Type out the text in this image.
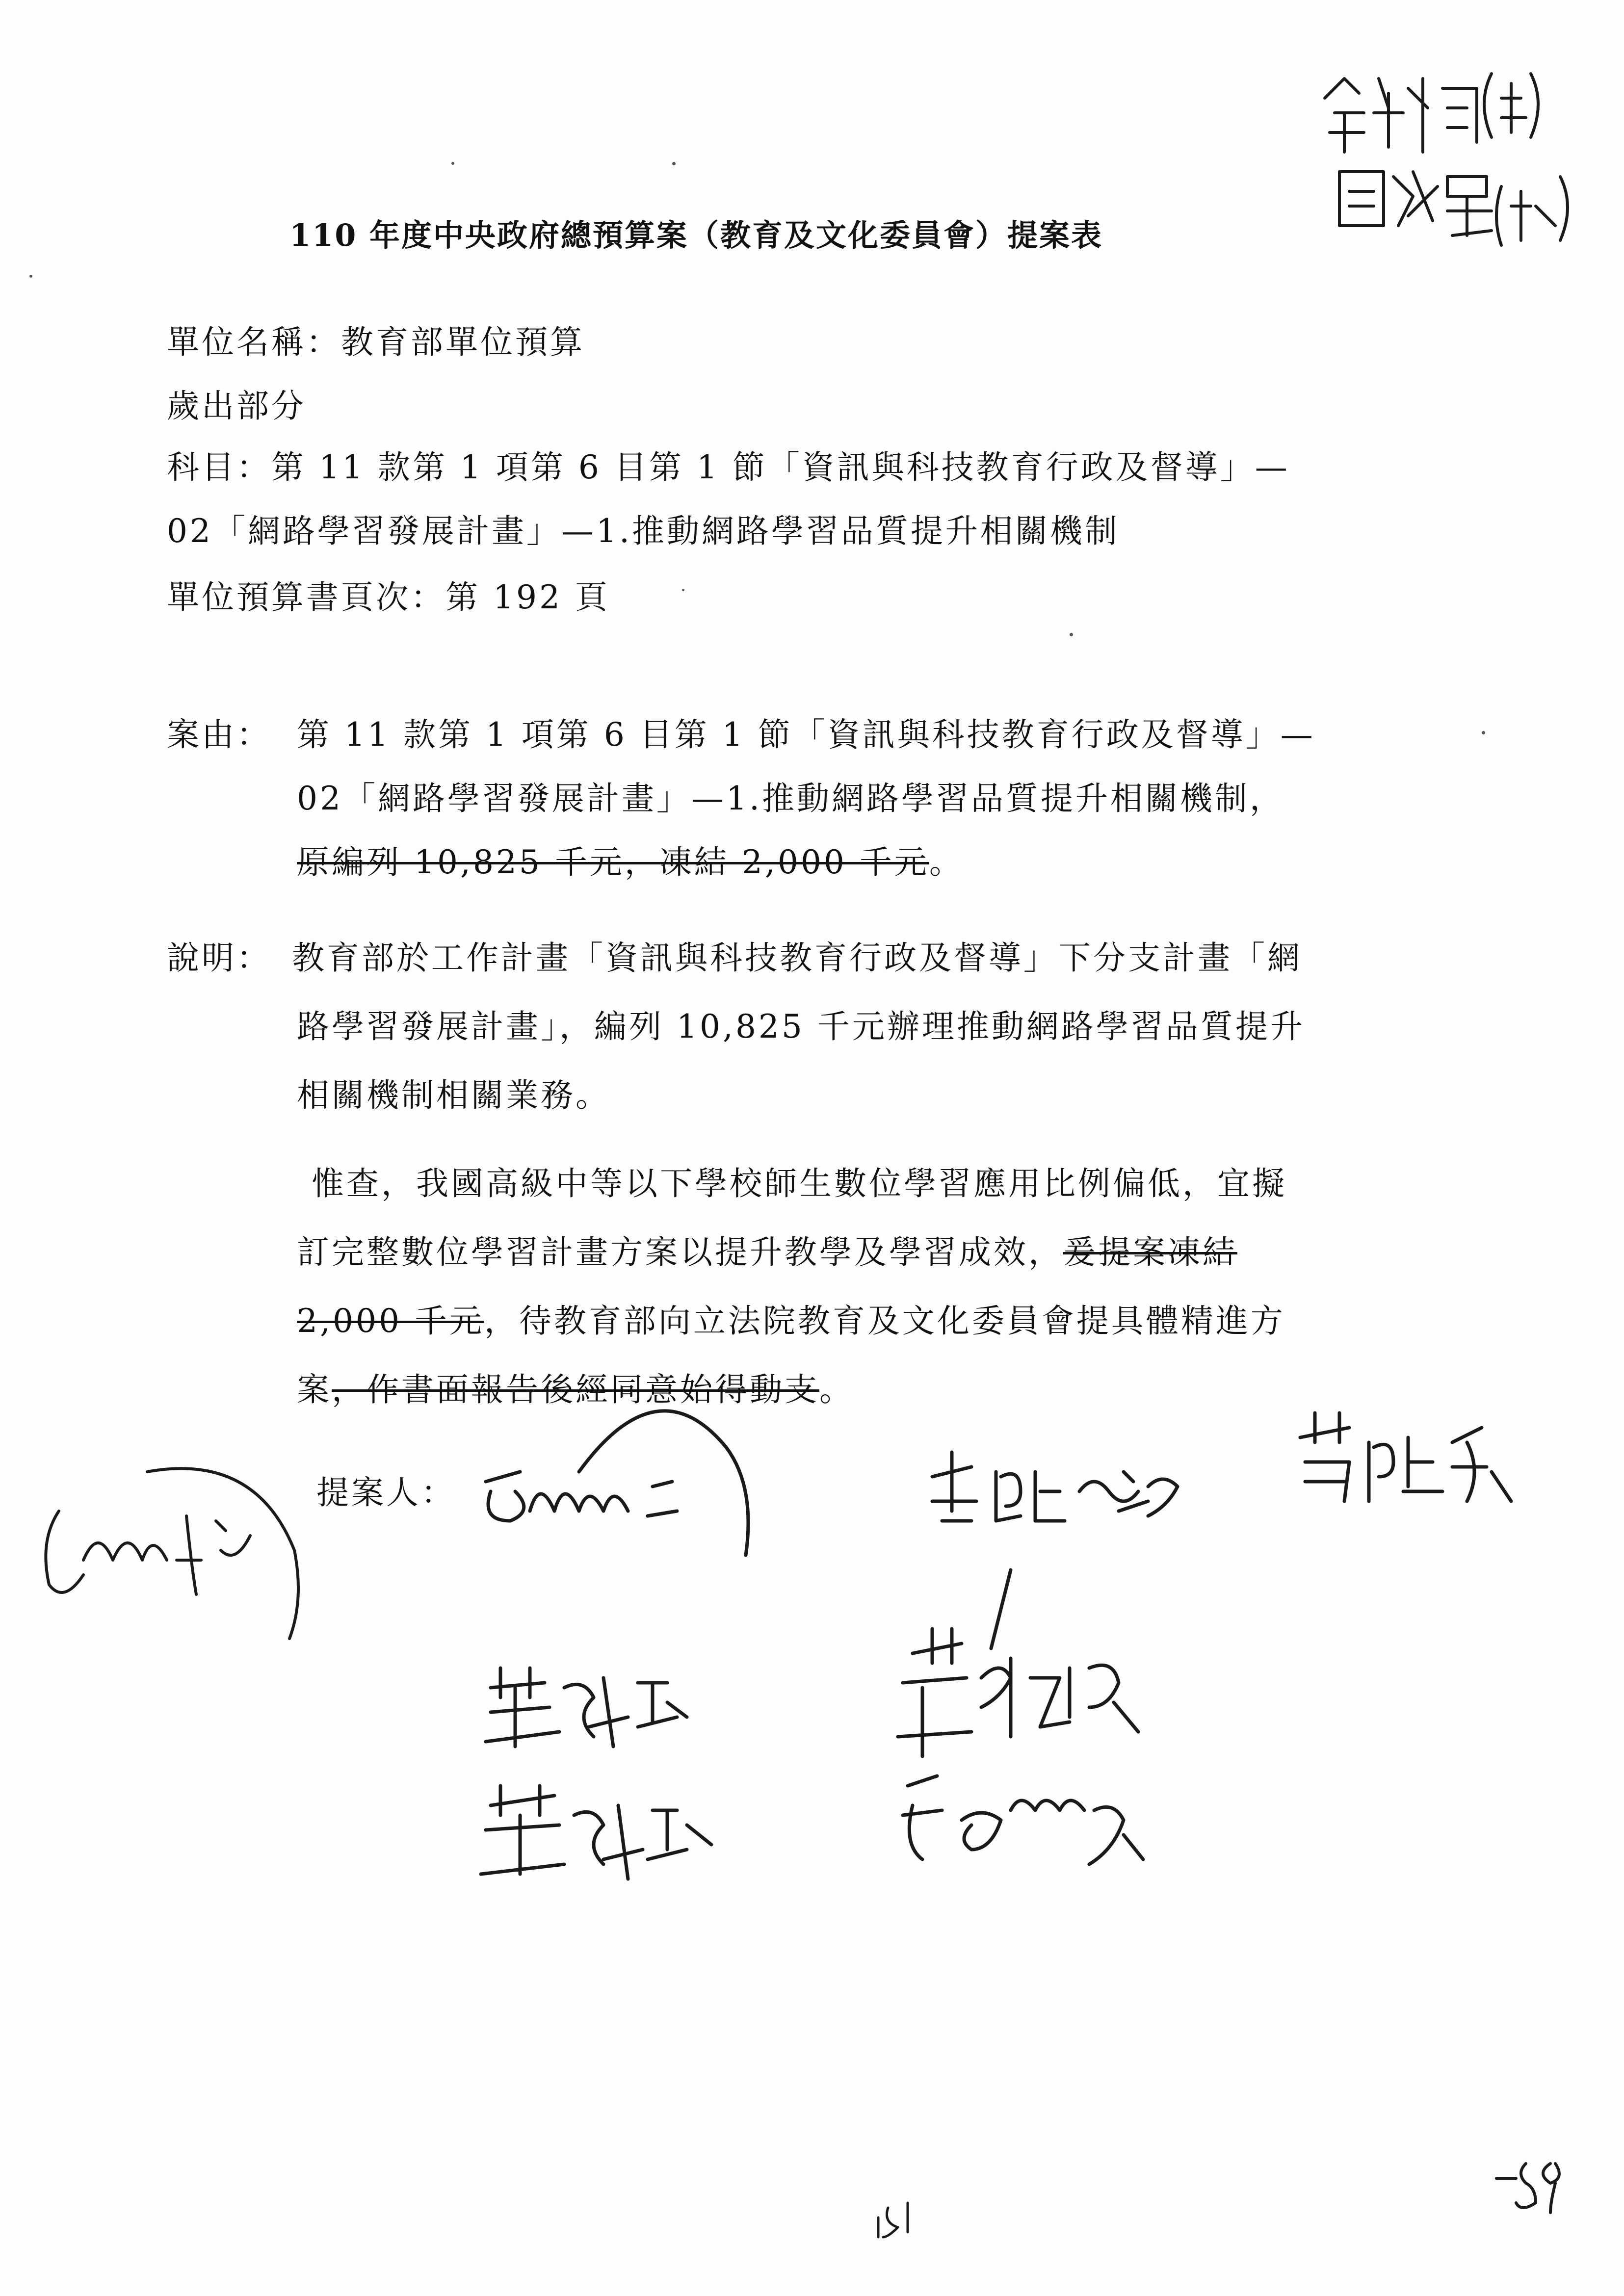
110 年度中央政府總預算案（教育及文化委員會）提案表
單位名稱：教育部單位預算
歲出部分
科目：第 11 款第 1 項第 6 目第 1 節「資訊與科技教育行政及督導」—
02「網路學習發展計畫」—1.推動網路學習品質提升相關機制
單位預算書頁次：第 192 頁
案由： 第 11 款第 1 項第 6 目第 1 節「資訊與科技教育行政及督導」—
02「網路學習發展計畫」—1.推動網路學習品質提升相關機制，
原編列 10,825 千元，凍結 2,000 千元。
說明： 教育部於工作計畫「資訊與科技教育行政及督導」下分支計畫「網
路學習發展計畫」，編列 10,825 千元辦理推動網路學習品質提升
相關機制相關業務。
惟查，我國高級中等以下學校師生數位學習應用比例偏低，宜擬
訂完整數位學習計畫方案以提升教學及學習成效，爰提案凍結
2,000 千元，待教育部向立法院教育及文化委員會提具體精進方
案，作書面報告後經同意始得動支。
提案人：
